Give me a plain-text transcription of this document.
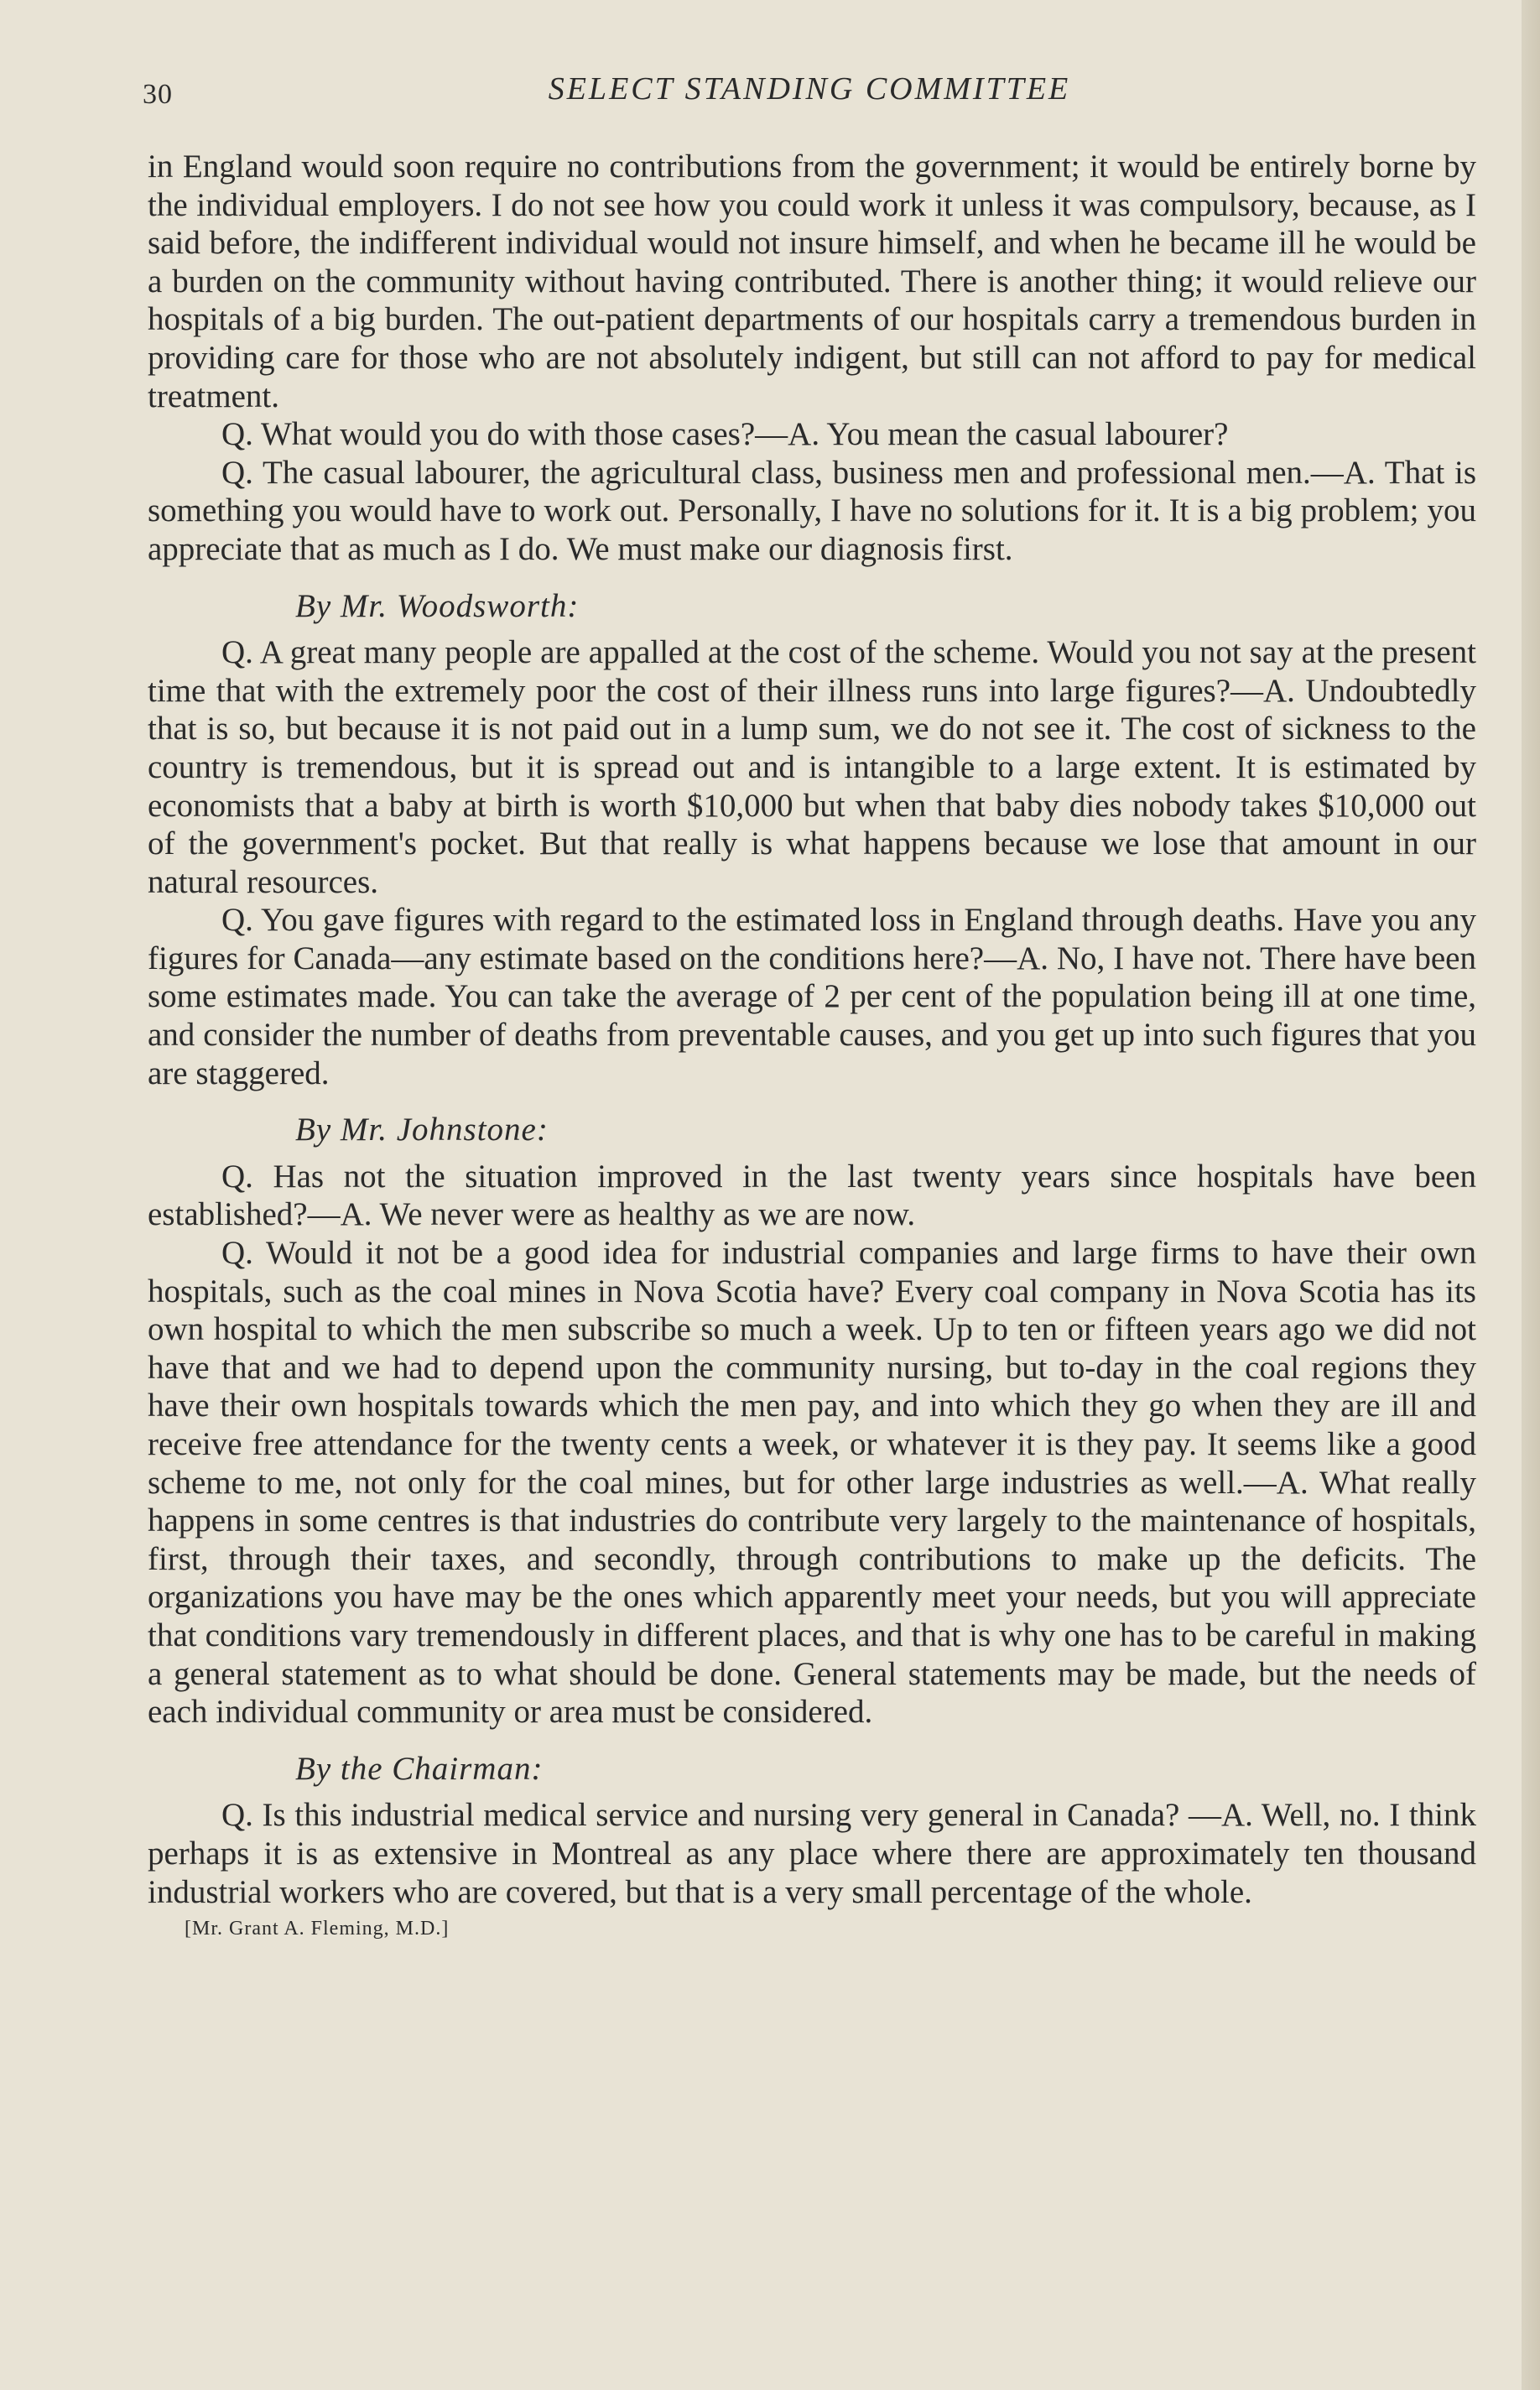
30	SELECT STANDING COMMITTEE

in England would soon require no contributions from the government; it would be entirely borne by the individual employers. I do not see how you could work it unless it was compulsory, because, as I said before, the indifferent individual would not insure himself, and when he became ill he would be a burden on the community without having contributed. There is another thing; it would relieve our hospitals of a big burden. The out-patient departments of our hospitals carry a tremendous burden in providing care for those who are not absolutely indigent, but still can not afford to pay for medical treatment.

Q. What would you do with those cases?—A. You mean the casual labourer?

Q. The casual labourer, the agricultural class, business men and professional men.—A. That is something you would have to work out. Personally, I have no solutions for it. It is a big problem; you appreciate that as much as I do. We must make our diagnosis first.

By Mr. Woodsworth:

Q. A great many people are appalled at the cost of the scheme. Would you not say at the present time that with the extremely poor the cost of their illness runs into large figures?—A. Undoubtedly that is so, but because it is not paid out in a lump sum, we do not see it. The cost of sickness to the country is tremendous, but it is spread out and is intangible to a large extent. It is estimated by economists that a baby at birth is worth $10,000 but when that baby dies nobody takes $10,000 out of the government's pocket. But that really is what happens because we lose that amount in our natural resources.

Q. You gave figures with regard to the estimated loss in England through deaths. Have you any figures for Canada—any estimate based on the conditions here?—A. No, I have not. There have been some estimates made. You can take the average of 2 per cent of the population being ill at one time, and consider the number of deaths from preventable causes, and you get up into such figures that you are staggered.

By Mr. Johnstone:

Q. Has not the situation improved in the last twenty years since hospitals have been established?—A. We never were as healthy as we are now.

Q. Would it not be a good idea for industrial companies and large firms to have their own hospitals, such as the coal mines in Nova Scotia have? Every coal company in Nova Scotia has its own hospital to which the men subscribe so much a week. Up to ten or fifteen years ago we did not have that and we had to depend upon the community nursing, but to-day in the coal regions they have their own hospitals towards which the men pay, and into which they go when they are ill and receive free attendance for the twenty cents a week, or whatever it is they pay. It seems like a good scheme to me, not only for the coal mines, but for other large industries as well.—A. What really happens in some centres is that industries do contribute very largely to the maintenance of hospitals, first, through their taxes, and secondly, through contributions to make up the deficits. The organizations you have may be the ones which apparently meet your needs, but you will appreciate that conditions vary tremendously in different places, and that is why one has to be careful in making a general statement as to what should be done. General statements may be made, but the needs of each individual community or area must be considered.

By the Chairman:

Q. Is this industrial medical service and nursing very general in Canada? —A. Well, no. I think perhaps it is as extensive in Montreal as any place where there are approximately ten thousand industrial workers who are covered, but that is a very small percentage of the whole.

[Mr. Grant A. Fleming, M.D.]
